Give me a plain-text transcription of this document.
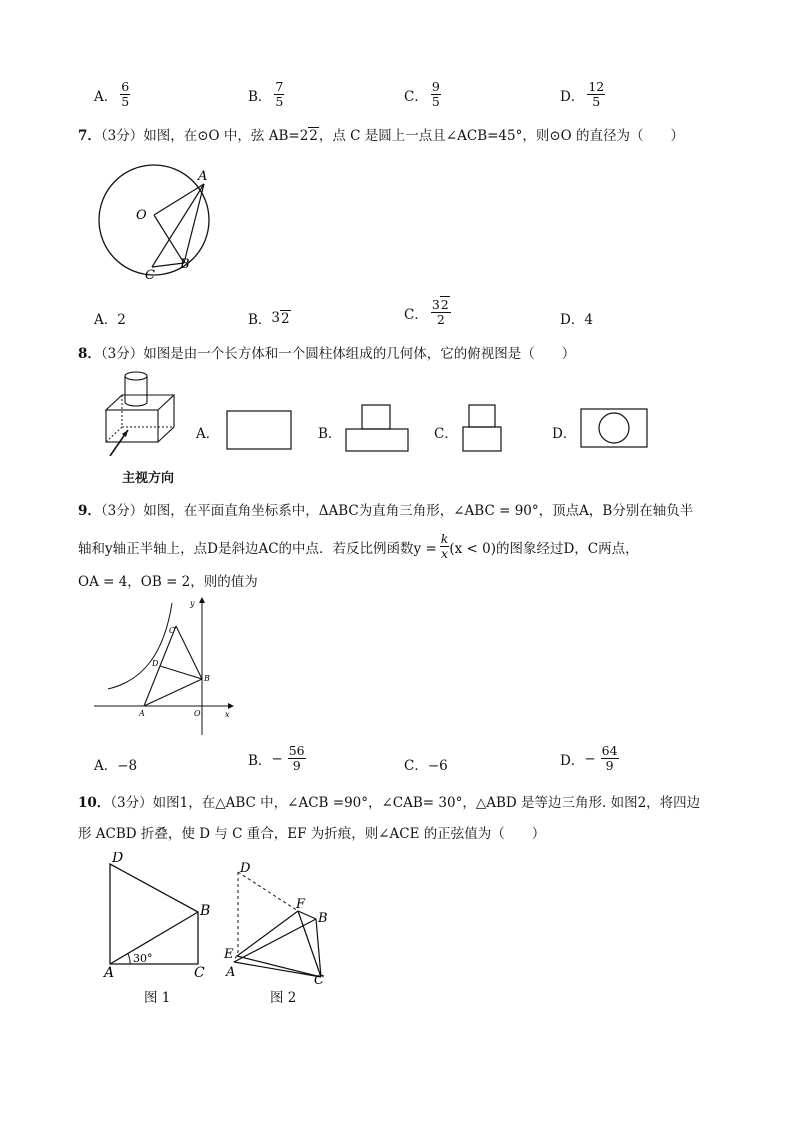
A． $\frac{6}{5}$	B． $\frac{7}{5}$	C． $\frac{9}{5}$	D． $\frac{12}{5}$
7．（3分）如图，在⊙O 中，弦 AB=22，点 C 是圆上一点且∠ACB=45°，则⊙O 的直径为（　　）
A
O
B
C
A．2	B． 3 2	C． $\frac{32}{2}$	D．4
8．（3分）如图是由一个长方体和一个圆柱体组成的几何体，它的俯视图是（　　）
主视方向
A．	B．	C．	D．
9．（3分）如图，在平面直角坐标系中，ΔABC为直角三角形，∠ABC = 90°，顶点A，B分别在轴负半
轴和y轴正半轴上，点D是斜边AC的中点．若反比例函数$y = \frac{k}{x} (x < 0)$的图象经过D，C两点，
OA = 4，OB = 2，则的值为
y
x
C
D
B
A	O
A．−8	B． − $\frac{56}{9}$	C．−6	D． − $\frac{64}{9}$
10．（3分）如图1，在△ABC 中，∠ACB =90°，∠CAB= 30°，△ABD 是等边三角形. 如图2，将四边
形 ACBD 折叠，使 D 与 C 重合，EF 为折痕，则∠ACE 的正弦值为（　　）
D
B
A	C
30°
图 1
D
F
B
E
A
C
图 2
